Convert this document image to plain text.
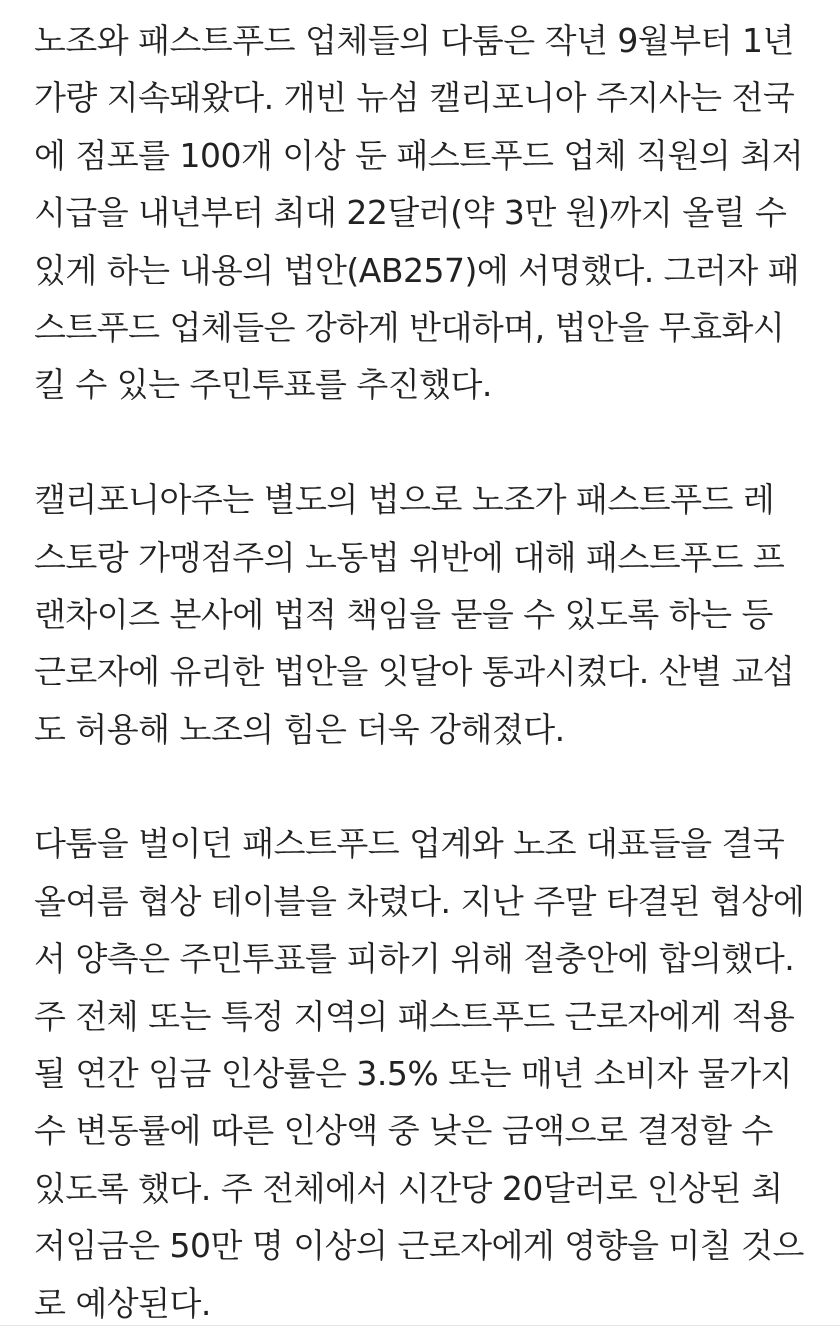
노조와 패스트푸드 업체들의 다툼은 작년 9월부터 1년
가량 지속돼왔다. 개빈 뉴섬 캘리포니아 주지사는 전국
에 점포를 100개 이상 둔 패스트푸드 업체 직원의 최저
시급을 내년부터 최대 22달러(약 3만 원)까지 올릴 수
있게 하는 내용의 법안(AB257)에 서명했다. 그러자 패
스트푸드 업체들은 강하게 반대하며, 법안을 무효화시
킬 수 있는 주민투표를 추진했다.
캘리포니아주는 별도의 법으로 노조가 패스트푸드 레
스토랑 가맹점주의 노동법 위반에 대해 패스트푸드 프
랜차이즈 본사에 법적 책임을 묻을 수 있도록 하는 등
근로자에 유리한 법안을 잇달아 통과시켰다. 산별 교섭
도 허용해 노조의 힘은 더욱 강해졌다.
다툼을 벌이던 패스트푸드 업계와 노조 대표들을 결국
올여름 협상 테이블을 차렸다. 지난 주말 타결된 협상에
서 양측은 주민투표를 피하기 위해 절충안에 합의했다.
주 전체 또는 특정 지역의 패스트푸드 근로자에게 적용
될 연간 임금 인상률은 3.5% 또는 매년 소비자 물가지
수 변동률에 따른 인상액 중 낮은 금액으로 결정할 수
있도록 했다. 주 전체에서 시간당 20달러로 인상된 최
저임금은 50만 명 이상의 근로자에게 영향을 미칠 것으
로 예상된다.
